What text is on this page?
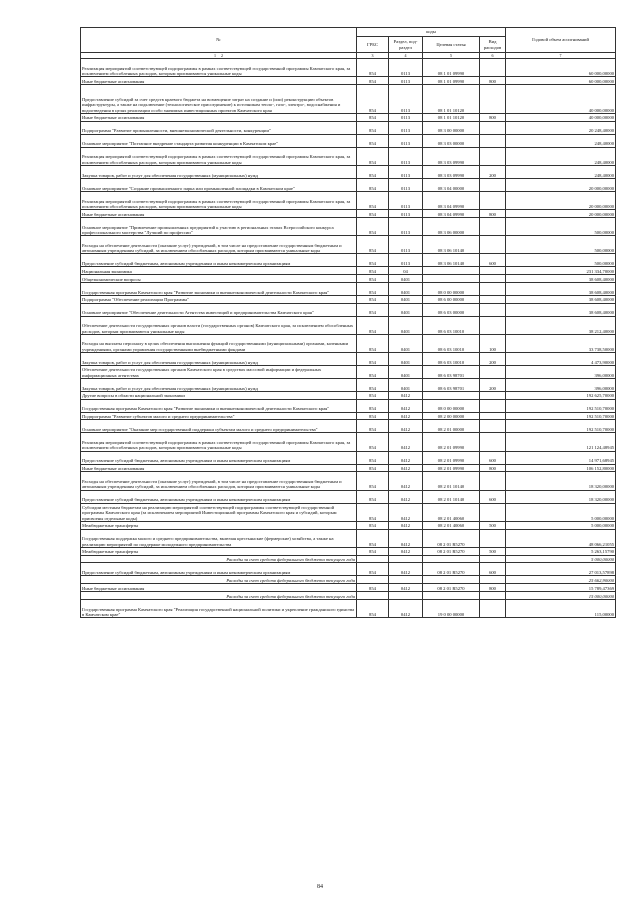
№	коды				Годовой объем ассигнований
	ГРБС	Раздел, под-раздел	Целевая статья	Вид расходов	
1 2	3	4	5	6	7
Реализация мероприятий соответствующей подпрограммы в рамках соответствующей государственной программы Камчатского края, за исключением обособленных расходов, которым присваиваются уникальные коды	854	0113	08 1 01 09990		60 000,00000
Иные бюджетные ассигнования	854	0113	08 1 01 09990	800	60 000,00000
Предоставление субсидий за счет средств краевого бюджета на возмещение затрат на создание и (или) реконструкцию объектов инфраструктуры, а также на подключение (технологическое присоединение) к источникам тепло-, газо-, электро-, водоснабжения и водоотведения в целях реализации особо значимых инвестиционных проектов Камчатского края	854	0113	08 1 01 10120		40 000,00000
Иные бюджетные ассигнования	854	0113	08 1 01 10120	800	40 000,00000
Подпрограмма "Развитие промышленности, внешнеэкономической деятельности, конкуренции"	854	0113	08 3 00 00000		20 248,40000
Основное мероприятие "Поэтапное внедрение стандарта развития конкуренции в Камчатском крае"	854	0113	08 3 03 00000		248,40000
Реализация мероприятий соответствующей подпрограммы в рамках соответствующей государственной программы Камчатского края, за исключением обособленных расходов, которым присваиваются уникальные коды	854	0113	08 3 03 09990		248,40000
Закупка товаров, работ и услуг для обеспечения государственных (муниципальных) нужд	854	0113	08 3 03 09990	200	248,40000
Основное мероприятие "Создание промышленного парка или промышленной площадки в Камчатском крае"	854	0113	08 3 04 00000		20 000,00000
Реализация мероприятий соответствующей подпрограммы в рамках соответствующей государственной программы Камчатского края, за исключением обособленных расходов, которым присваиваются уникальные коды	854	0113	08 3 04 09990		20 000,00000
Иные бюджетные ассигнования	854	0113	08 3 04 09990	800	20 000,00000
Основное мероприятие "Привлечение промышленных предприятий к участию в региональных этапах Всероссийского конкурса профессионального мастерства "Лучший по профессии"	854	0113	08 3 06 00000		500,00000
Расходы на обеспечение деятельности (оказание услуг) учреждений, в том числе на предоставление государственным бюджетным и автономным учреждениям субсидий, за исключением обособленных расходов, которым присваиваются уникальные коды	854	0113	08 3 06 10140		500,00000
Предоставление субсидий бюджетным, автономным учреждениям и иным некоммерческим организациям	854	0113	08 3 06 10140	600	500,00000
Национальная экономика	854	04			231 334,70000
Общеэкономические вопросы	854	0401			38 608,40000
Государственная программа Камчатского края "Развитие экономики и внешнеэкономической деятельности Камчатского края"	854	0401	08 0 00 00000		38 608,40000
Подпрограмма "Обеспечение реализации Программы"	854	0401	08 6 00 00000		38 608,40000
Основное мероприятие "Обеспечение деятельности Агентства инвестиций и предпринимательства Камчатского края"	854	0401	08 6 03 00000		38 608,40000
Обеспечение деятельности государственных органов власти (государственных органов) Камчатского края, за исключением обособленных расходов, которым присваиваются уникальные коды	854	0401	08 6 03 10010		38 212,40000
Расходы на выплаты персоналу в целях обеспечения выполнения функций государственными (муниципальными) органами, казенными учреждениями, органами управления государственными внебюджетными фондами	854	0401	08 6 03 10010	100	33 738,50000
Закупка товаров, работ и услуг для обеспечения государственных (муниципальных) нужд	854	0401	08 6 03 10010	200	4 473,90000
Обеспечение деятельности государственных органов Камчатского края в средствах массовой информации и федеральных информационных агентствах	854	0401	08 6 03 98701		396,00000
Закупка товаров, работ и услуг для обеспечения государственных (муниципальных) нужд	854	0401	08 6 03 98701	200	396,00000
Другие вопросы в области национальной экономики	854	0412			192 625,70000
Государственная программа Камчатского края "Развитие экономики и внешнеэкономической деятельности Камчатского края"	854	0412	08 0 00 00000		192 510,70000
Подпрограмма "Развитие субъектов малого и среднего предпринимательства"	854	0412	08 2 00 00000		192 510,70000
Основное мероприятие "Оказание мер государственной поддержки субъектам малого и среднего предпринимательства"	854	0412	08 2 01 00000		192 510,70000
Реализация мероприятий соответствующей подпрограммы в рамках соответствующей государственной программы Камчатского края, за исключением обособленных расходов, которым присваиваются уникальные коды	854	0412	08 2 01 09990		121 124,48945
Предоставление субсидий бюджетным, автономным учреждениям и иным некоммерческим организациям	854	0412	08 2 01 09990	600	14 971,68945
Иные бюджетные ассигнования	854	0412	08 2 01 09990	800	106 152,80000
Расходы на обеспечение деятельности (оказание услуг) учреждений, в том числе на предоставление государственным бюджетным и автономным учреждениям субсидий, за исключением обособленных расходов, которым присваиваются уникальные коды	854	0412	08 2 01 10140		18 320,00000
Предоставление субсидий бюджетным, автономным учреждениям и иным некоммерческим организациям	854	0412	08 2 01 10140	600	18 320,00000
Субсидии местным бюджетам на реализацию мероприятий соответствующей подпрограммы соответствующей государственной программы Камчатского края (за исключением мероприятий Инвестиционной программы Камчатского края и субсидий, которым присвоены отдельные коды)	854	0412	08 2 01 40060		5 000,00000
Межбюджетные трансферты	854	0412	08 2 01 40060	500	5 000,00000
Государственная поддержка малого и среднего предпринимательства, включая крестьянские (фермерские) хозяйства, а также на реализацию мероприятий по поддержке молодежного предпринимательства	854	0412	08 2 01 R5270		48 066,21055
Межбюджетные трансферты	854	0412	08 2 01 R5270	500	5 263,15790
Расходы за счет средств федерального бюджета текущего года					5 000,00000
Предоставление субсидий бюджетным, автономным учреждениям и иным некоммерческим организациям	854	0412	08 2 01 R5270	600	27 013,57898
Расходы за счет средств федерального бюджета текущего года					25 662,90000
Иные бюджетные ассигнования	854	0412	08 2 01 R5270	800	15 789,47369
Расходы за счет средств федерального бюджета текущего года					15 000,00000
Государственная программа Камчатского края "Реализация государственной национальной политики и укрепление гражданского единства в Камчатском крае"	854	0412	19 0 00 00000		115,00000
84
